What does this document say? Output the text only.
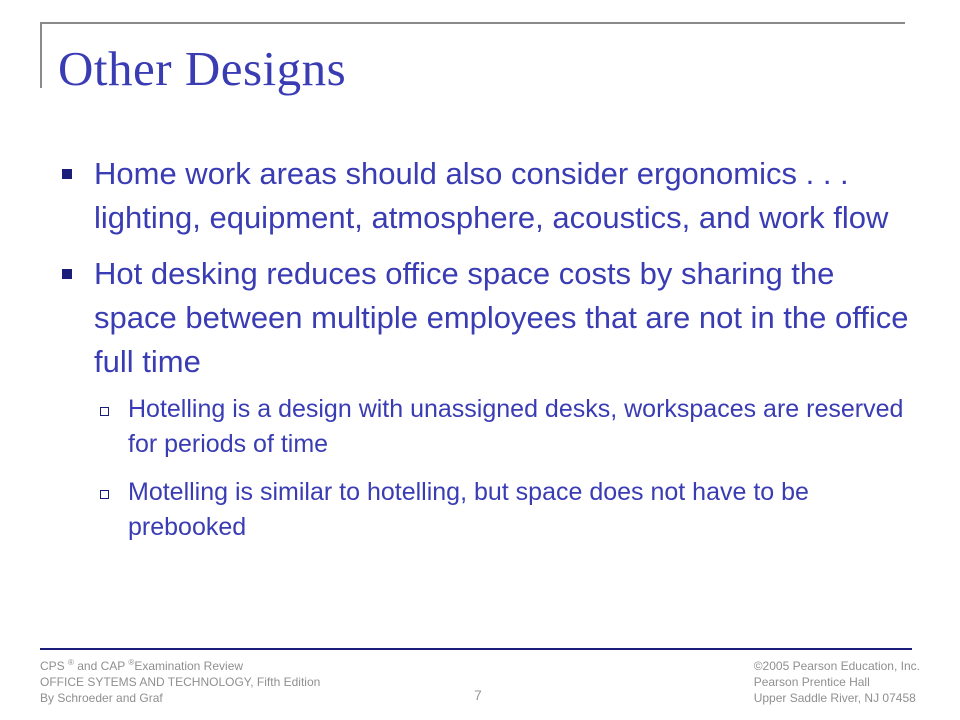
Other Designs
Home work areas should also consider ergonomics . . . lighting, equipment, atmosphere, acoustics, and work flow
Hot desking reduces office space costs by sharing the space between multiple employees that are not in the office full time
Hotelling is a design with unassigned desks, workspaces are reserved for periods of time
Motelling is similar to hotelling, but space does not have to be prebooked
CPS ® and CAP ®Examination Review
OFFICE SYTEMS AND TECHNOLOGY, Fifth Edition
By Schroeder and Graf	7
©2005 Pearson Education, Inc.
Pearson Prentice Hall
Upper Saddle River, NJ 07458
